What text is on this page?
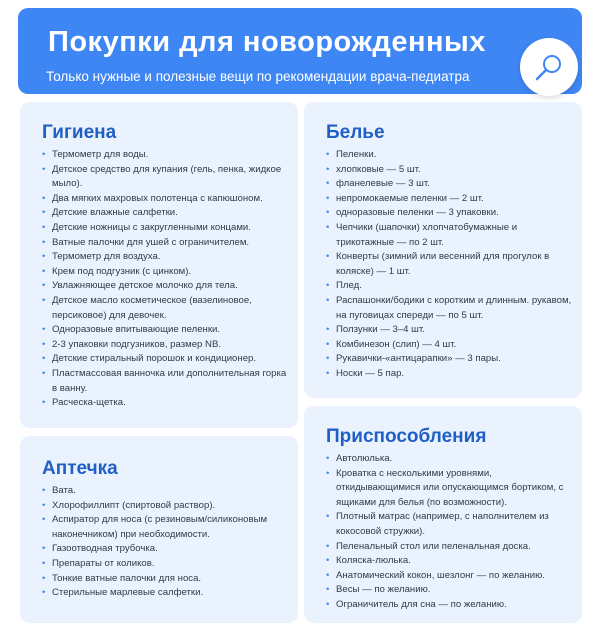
Покупки для новорожденных
Только нужные и полезные вещи по рекомендации врача-педиатра
Гигиена
• Термометр для воды.
• Детское средство для купания (гель, пенка, жидкое мыло).
• Два мягких махровых полотенца с капюшоном.
• Детские влажные салфетки.
• Детские ножницы с закругленными концами.
• Ватные палочки для ушей с ограничителем.
• Термометр для воздуха.
• Крем под подгузник (с цинком).
• Увлажняющее детское молочко для тела.
• Детское масло косметическое (вазелиновое, персиковое) для девочек.
• Одноразовые впитывающие пеленки.
• 2-3 упаковки подгузников, размер NB.
• Детские стиральный порошок и кондиционер.
• Пластмассовая ванночка или дополнительная горка в ванну.
• Расческа-щетка.
Белье
• Пеленки.
• хлопковые — 5 шт.
• фланелевые — 3 шт.
• непромокаемые пеленки — 2 шт.
• одноразовые пеленки — 3 упаковки.
• Чепчики (шапочки) хлопчатобумажные и трикотажные — по 2 шт.
• Конверты (зимний или весенний для прогулок в коляске) — 1 шт.
• Плед.
• Распашонки/бодики с коротким и длинным. рукавом, на пуговицах спереди — по 5 шт.
• Ползунки — 3–4 шт.
• Комбинезон (слип) — 4 шт.
• Рукавички-«антицарапки» — 3 пары.
• Носки — 5 пар.
Аптечка
• Вата.
• Хлорофиллипт (спиртовой раствор).
• Аспиратор для носа (с резиновым/силиконовым наконечником) при необходимости.
• Газоотводная трубочка.
• Препараты от коликов.
• Тонкие ватные палочки для носа.
• Стерильные марлевые салфетки.
Приспособления
• Автолюлька.
• Кроватка с несколькими уровнями, откидывающимися или опускающимся бортиком, с ящиками для белья (по возможности).
• Плотный матрас (например, с наполнителем из кокосовой стружки).
• Пеленальный стол или пеленальная доска.
• Коляска-люлька.
• Анатомический кокон, шезлонг — по желанию.
• Весы — по желанию.
• Ограничитель для сна — по желанию.
